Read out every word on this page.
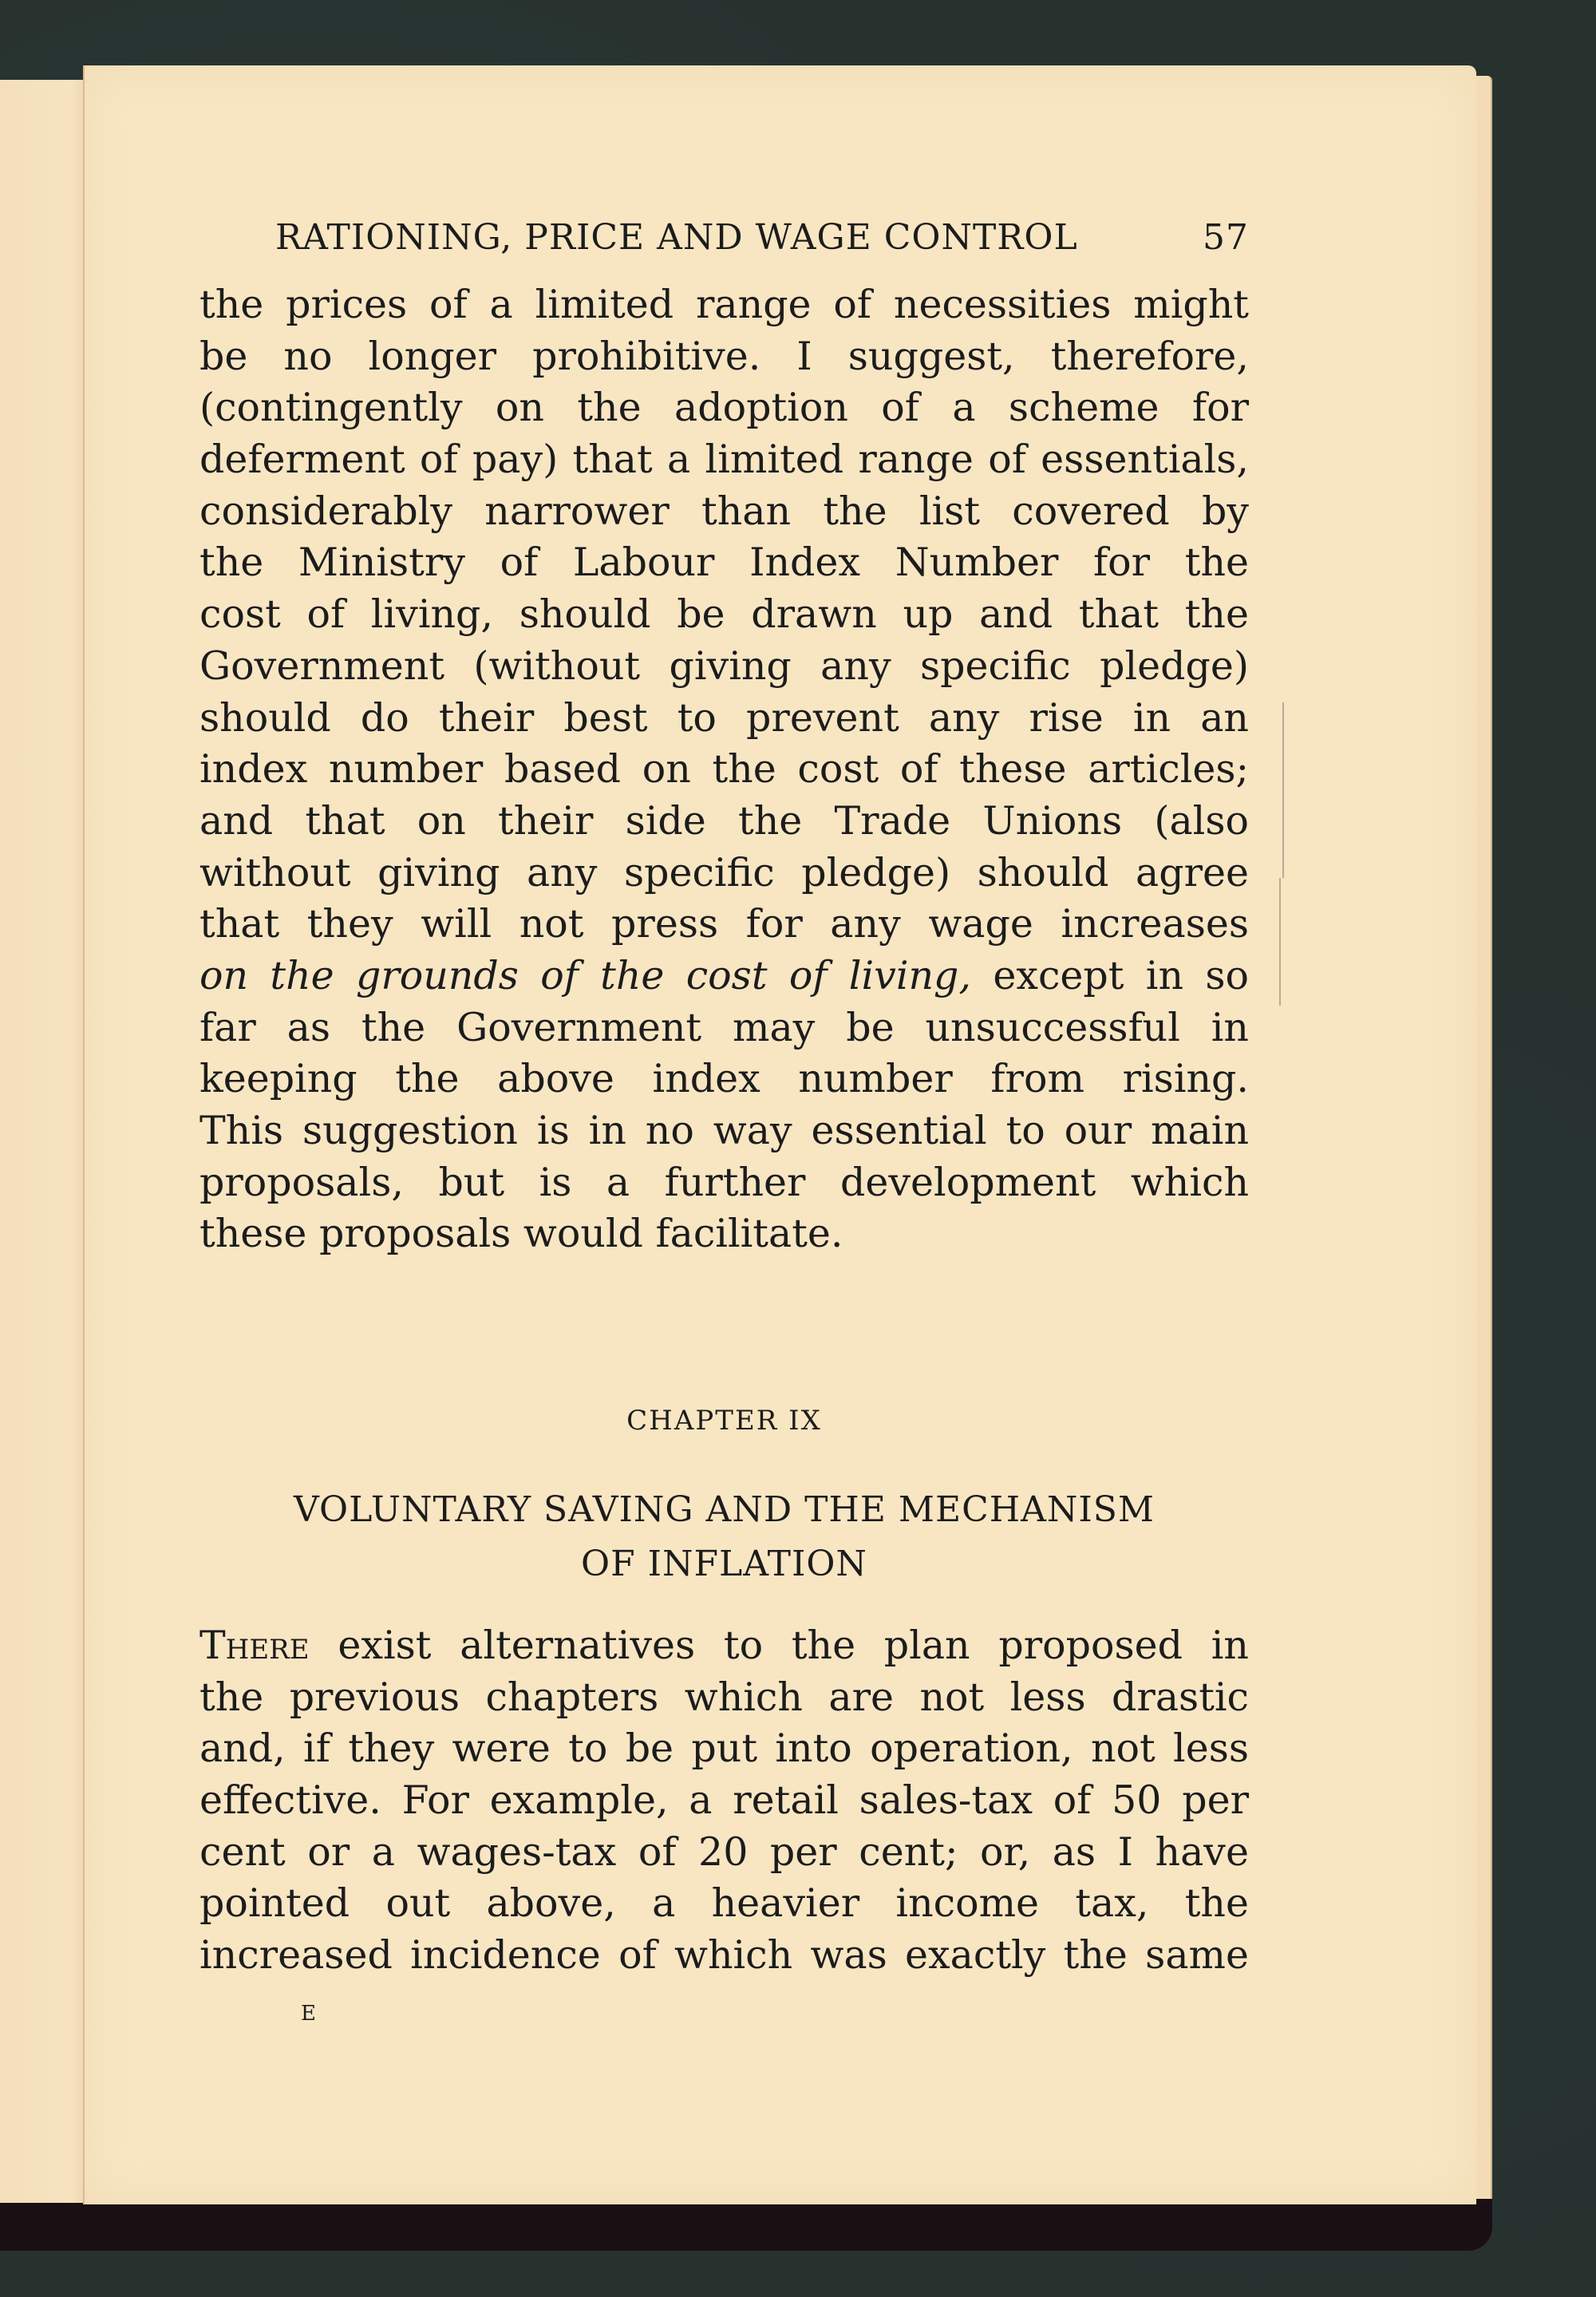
RATIONING, PRICE AND WAGE CONTROL	57
the prices of a limited range of necessities might
be no longer prohibitive. I suggest, therefore,
(contingently on the adoption of a scheme for
deferment of pay) that a limited range of essentials,
considerably narrower than the list covered by
the Ministry of Labour Index Number for the
cost of living, should be drawn up and that the
Government (without giving any specific pledge)
should do their best to prevent any rise in an
index number based on the cost of these articles;
and that on their side the Trade Unions (also
without giving any specific pledge) should agree
that they will not press for any wage increases
on the grounds of the cost of living, except in so
far as the Government may be unsuccessful in
keeping the above index number from rising.
This suggestion is in no way essential to our main
proposals, but is a further development which
these proposals would facilitate.
CHAPTER IX
VOLUNTARY SAVING AND THE MECHANISM
OF INFLATION
There exist alternatives to the plan proposed in
the previous chapters which are not less drastic
and, if they were to be put into operation, not less
effective. For example, a retail sales-tax of 50 per
cent or a wages-tax of 20 per cent; or, as I have
pointed out above, a heavier income tax, the
increased incidence of which was exactly the same
E
